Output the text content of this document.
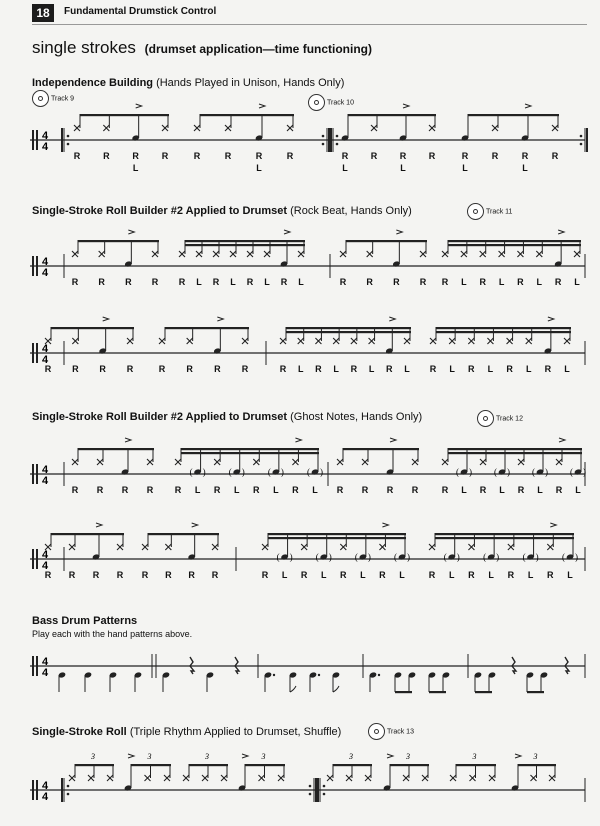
18	Fundamental Drumstick Control
single strokes (drumset application—time functioning)
Independence Building (Hands Played in Unison, Hands Only)
Single-Stroke Roll Builder #2 Applied to Drumset (Rock Beat, Hands Only)
Single-Stroke Roll Builder #2 Applied to Drumset (Ghost Notes, Hands Only)
Bass Drum Patterns
Play each with the hand patterns above.
Single-Stroke Roll (Triple Rhythm Applied to Drumset, Shuffle)
Track 9
Track 10
Track 11
Track 12
Track 13
4
4
4
4
4
4
4
4
( )	( )	( )	( )	( ) ( ) ( ) ( )
4
4
( )	( )	( )	( )	( )	( )	( )	( )
4
4
4
4
3	3	3	3	3	3	3	3
R	R	R	R	R	R	R	R	R	R	R	R	R	R	R	R
L	L	L	L	L	L
R	R	R	R	R	L	R	L	R	L	R	L	R	R	R	R	R	L	R	L	R	L	R	L
R	R	R	R	R	R	R	R	R	L	R	L	R	L	R	L	R	L	R	L	R	L	R	L
R	R	R	R	R	L	R	L	R	L	R	L	R	R	R	R	R	L	R	L	R	L	R	L
R	R	R	R	R	R	R	R	R	L	R	L	R	L	R	L	R	L	R	L	R	L	R	L
